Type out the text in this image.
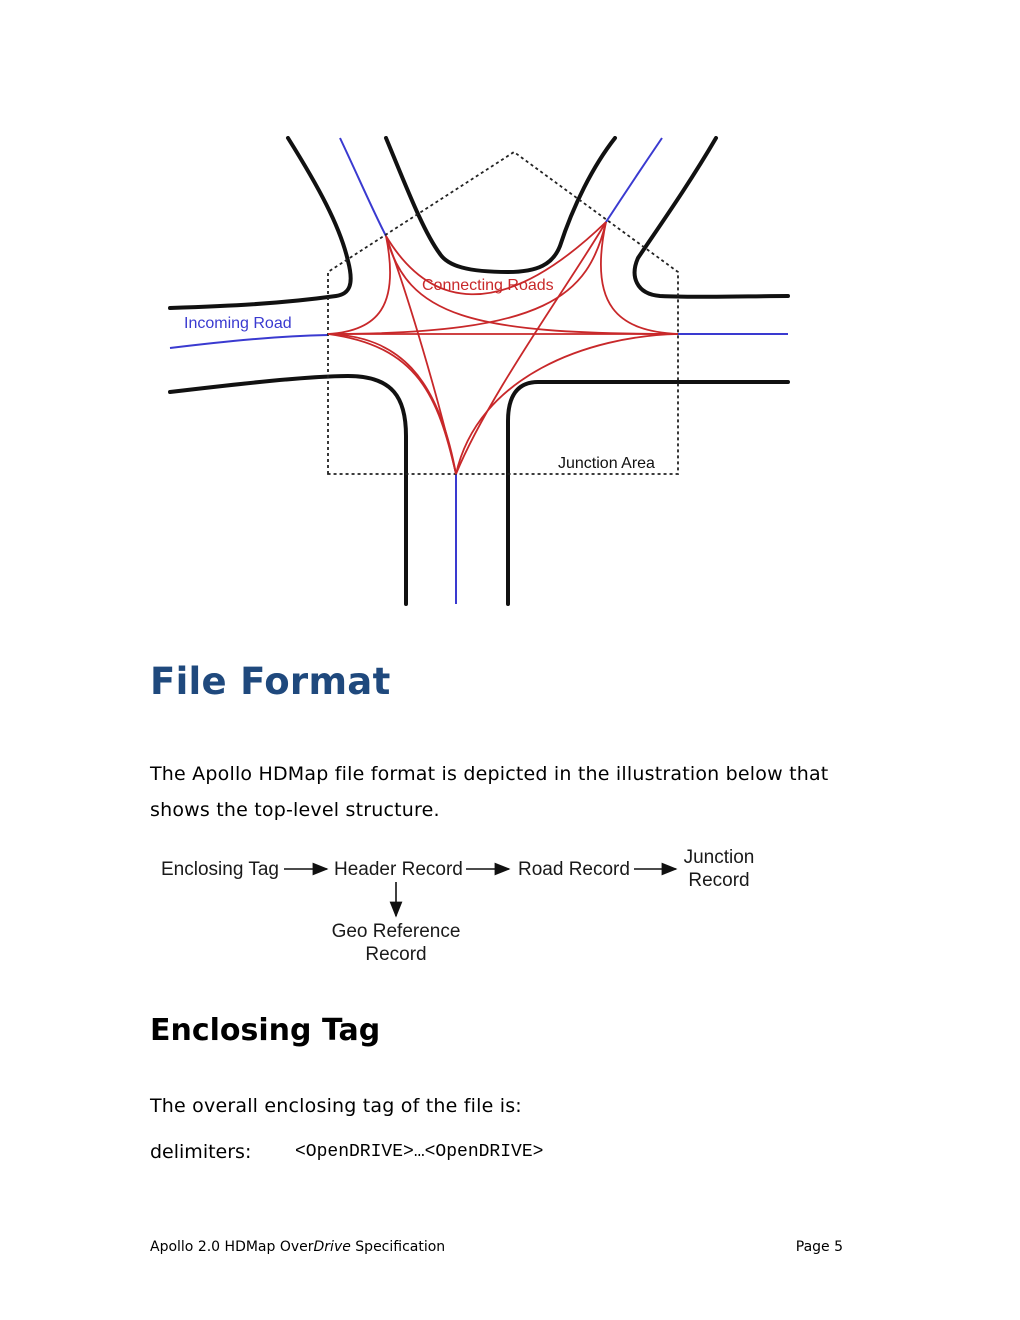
Incoming Road
Connecting Roads
Junction Area
File Format

The Apollo HDMap file format is depicted in the illustration below that shows the top-level structure.

Enclosing Tag	Header Record	Road Record
Junction
Record
Geo Reference
Record
Enclosing Tag

The overall enclosing tag of the file is:

delimiters: <OpenDRIVE>…<OpenDRIVE>
Apollo 2.0 HDMap OverDrive Specification	Page 5
